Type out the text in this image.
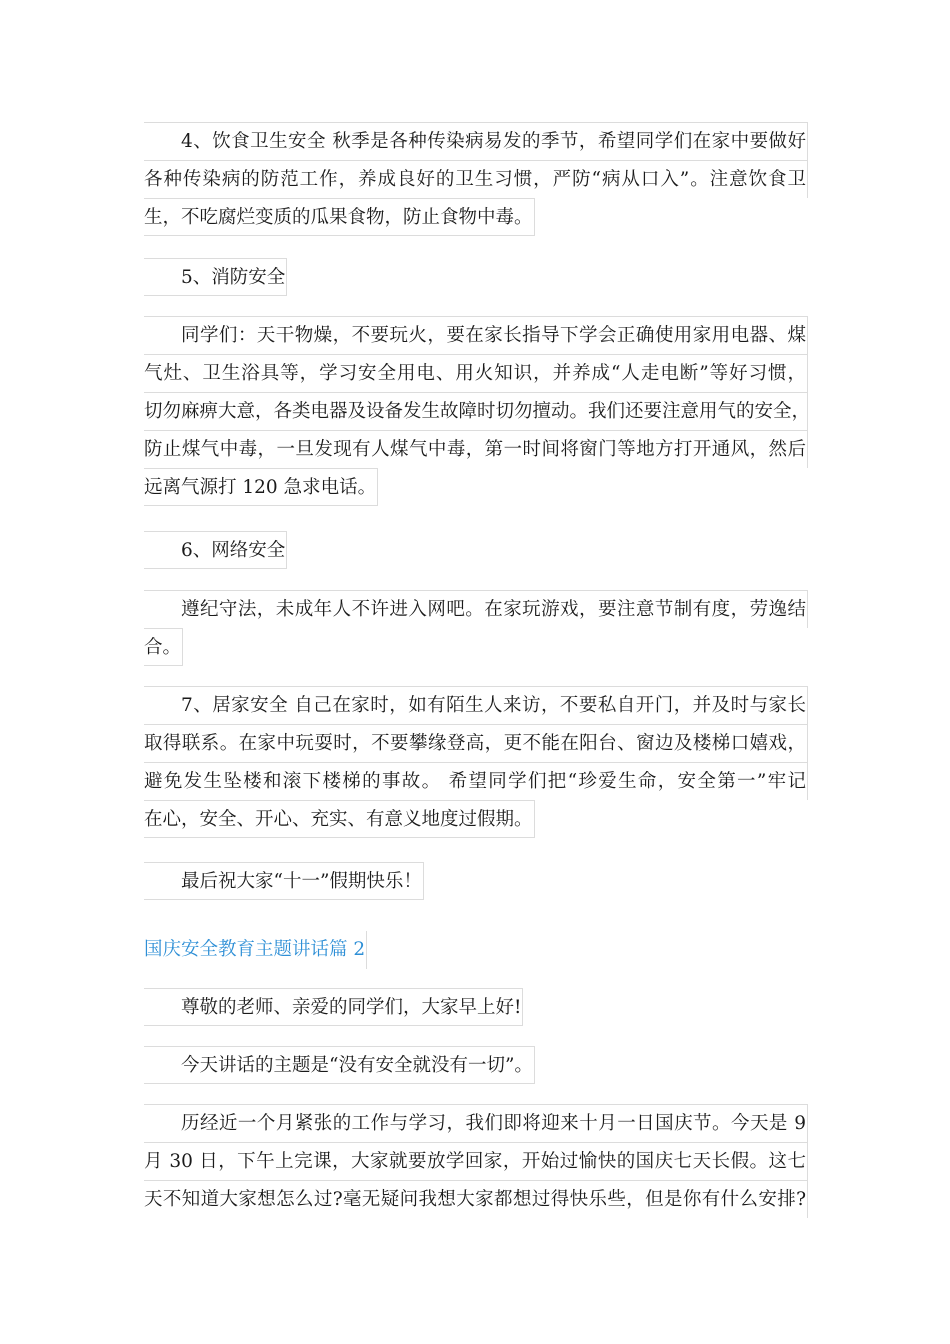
4、饮食卫生安全 秋季是各种传染病易发的季节，希望同学们在家中要做好
各种传染病的防范工作，养成良好的卫生习惯，严防“病从口入”。注意饮食卫
生，不吃腐烂变质的瓜果食物，防止食物中毒。
5、消防安全
同学们：天干物燥，不要玩火，要在家长指导下学会正确使用家用电器、煤
气灶、卫生浴具等，学习安全用电、用火知识，并养成“人走电断”等好习惯，
切勿麻痹大意，各类电器及设备发生故障时切勿擅动。我们还要注意用气的安全，
防止煤气中毒，一旦发现有人煤气中毒，第一时间将窗门等地方打开通风，然后
远离气源打 120 急求电话。
6、网络安全
遵纪守法，未成年人不许进入网吧。在家玩游戏，要注意节制有度，劳逸结
合。
7、居家安全 自己在家时，如有陌生人来访，不要私自开门，并及时与家长
取得联系。在家中玩耍时，不要攀缘登高，更不能在阳台、窗边及楼梯口嬉戏，
避免发生坠楼和滚下楼梯的事故。 希望同学们把“珍爱生命，安全第一”牢记
在心，安全、开心、充实、有意义地度过假期。
最后祝大家“十一”假期快乐！
国庆安全教育主题讲话篇 2
尊敬的老师、亲爱的同学们，大家早上好!
今天讲话的主题是“没有安全就没有一切”。
历经近一个月紧张的工作与学习，我们即将迎来十月一日国庆节。今天是 9
月 30 日，下午上完课，大家就要放学回家，开始过愉快的国庆七天长假。这七
天不知道大家想怎么过?毫无疑问我想大家都想过得快乐些，但是你有什么安排?
